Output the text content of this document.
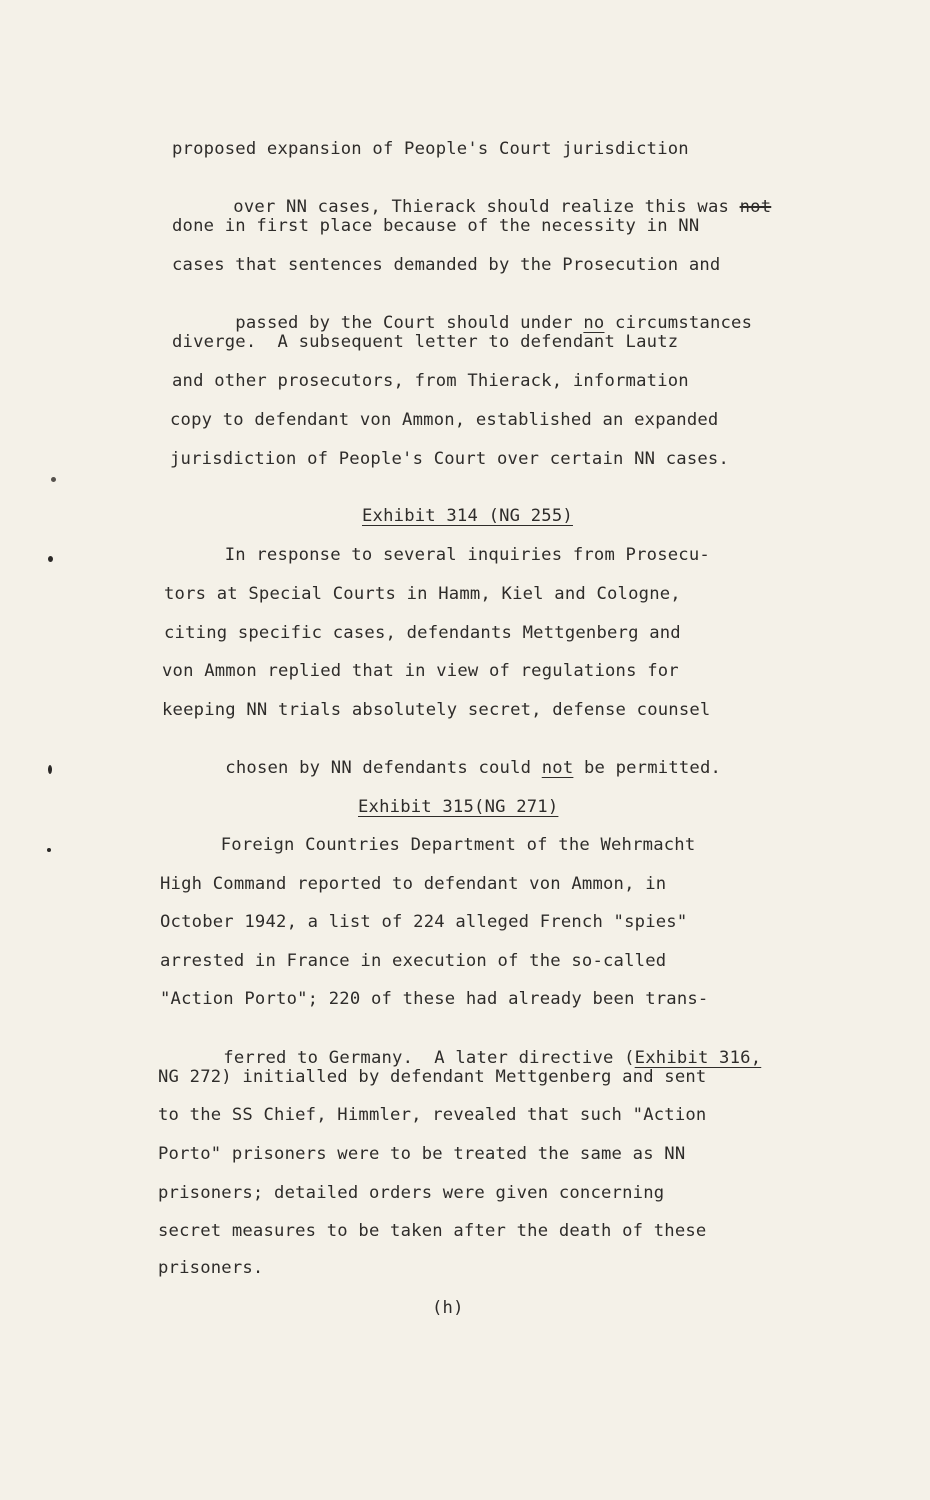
proposed expansion of People's Court jurisdiction

over NN cases, Thierack should realize this was not

done in first place because of the necessity in NN
cases that sentences demanded by the Prosecution and

passed by the Court should under no circumstances

diverge.  A subsequent letter to defendant Lautz
and other prosecutors, from Thierack, information
copy to defendant von Ammon, established an expanded
jurisdiction of People's Court over certain NN cases.
Exhibit 314 (NG 255)
In response to several inquiries from Prosecu-
tors at Special Courts in Hamm, Kiel and Cologne,
citing specific cases, defendants Mettgenberg and
von Ammon replied that in view of regulations for
keeping NN trials absolutely secret, defense counsel

chosen by NN defendants could not be permitted.

Exhibit 315(NG 271)
Foreign Countries Department of the Wehrmacht
High Command reported to defendant von Ammon, in
October 1942, a list of 224 alleged French "spies"
arrested in France in execution of the so-called
"Action Porto"; 220 of these had already been trans-

ferred to Germany.  A later directive (Exhibit 316,

NG 272) initialled by defendant Mettgenberg and sent
to the SS Chief, Himmler, revealed that such "Action
Porto" prisoners were to be treated the same as NN
prisoners; detailed orders were given concerning
secret measures to be taken after the death of these
prisoners.
(h)
